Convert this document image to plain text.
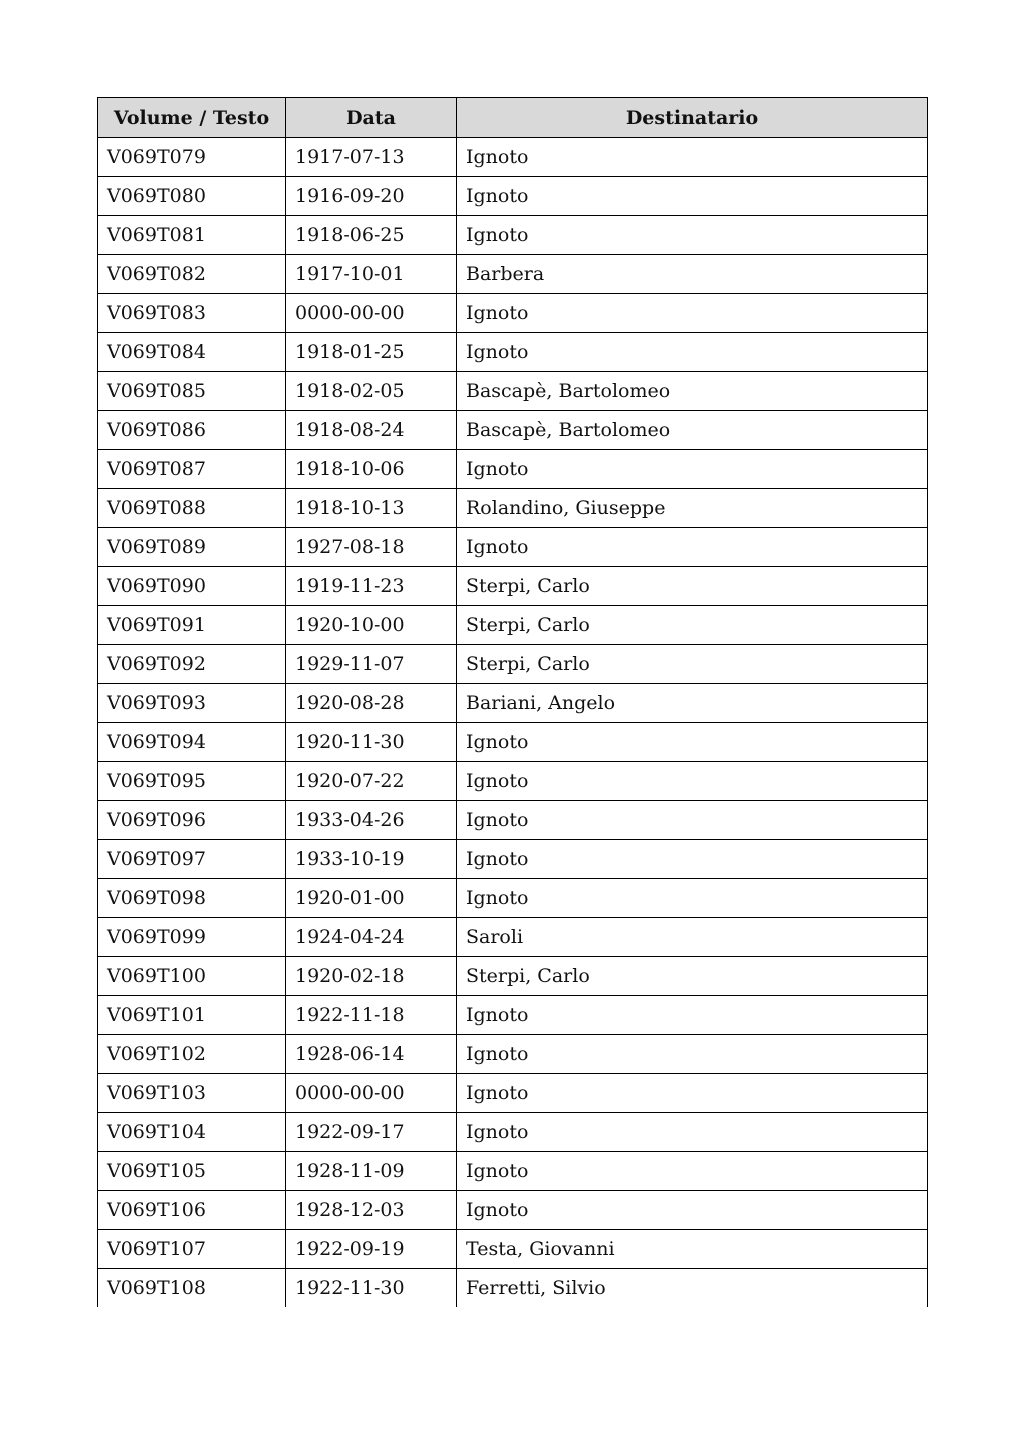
Volume / Testo	Data	Destinatario
V069T079	1917-07-13	Ignoto
V069T080	1916-09-20	Ignoto
V069T081	1918-06-25	Ignoto
V069T082	1917-10-01	Barbera
V069T083	0000-00-00	Ignoto
V069T084	1918-01-25	Ignoto
V069T085	1918-02-05	Bascapè, Bartolomeo
V069T086	1918-08-24	Bascapè, Bartolomeo
V069T087	1918-10-06	Ignoto
V069T088	1918-10-13	Rolandino, Giuseppe
V069T089	1927-08-18	Ignoto
V069T090	1919-11-23	Sterpi, Carlo
V069T091	1920-10-00	Sterpi, Carlo
V069T092	1929-11-07	Sterpi, Carlo
V069T093	1920-08-28	Bariani, Angelo
V069T094	1920-11-30	Ignoto
V069T095	1920-07-22	Ignoto
V069T096	1933-04-26	Ignoto
V069T097	1933-10-19	Ignoto
V069T098	1920-01-00	Ignoto
V069T099	1924-04-24	Saroli
V069T100	1920-02-18	Sterpi, Carlo
V069T101	1922-11-18	Ignoto
V069T102	1928-06-14	Ignoto
V069T103	0000-00-00	Ignoto
V069T104	1922-09-17	Ignoto
V069T105	1928-11-09	Ignoto
V069T106	1928-12-03	Ignoto
V069T107	1922-09-19	Testa, Giovanni
V069T108	1922-11-30	Ferretti, Silvio
